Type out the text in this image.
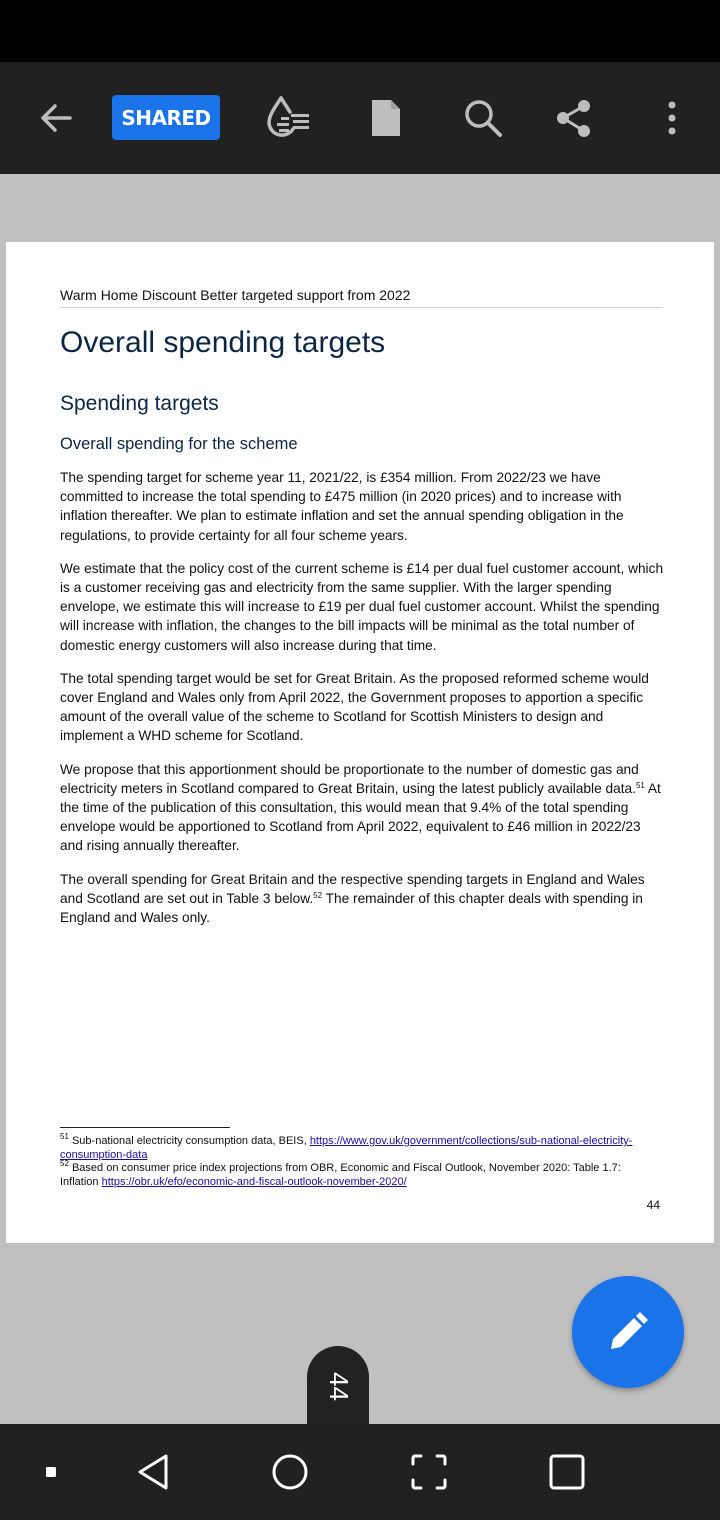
SHARED
Warm Home Discount Better targeted support from 2022
Overall spending targets
Spending targets
Overall spending for the scheme

The spending target for scheme year 11, 2021/22, is £354 million. From 2022/23 we have committed to increase the total spending to £475 million (in 2020 prices) and to increase with inflation thereafter. We plan to estimate inflation and set the annual spending obligation in the regulations, to provide certainty for all four scheme years.

We estimate that the policy cost of the current scheme is £14 per dual fuel customer account, which is a customer receiving gas and electricity from the same supplier. With the larger spending envelope, we estimate this will increase to £19 per dual fuel customer account. Whilst the spending will increase with inflation, the changes to the bill impacts will be minimal as the total number of domestic energy customers will also increase during that time.

The total spending target would be set for Great Britain. As the proposed reformed scheme would cover England and Wales only from April 2022, the Government proposes to apportion a specific amount of the overall value of the scheme to Scotland for Scottish Ministers to design and implement a WHD scheme for Scotland.

We propose that this apportionment should be proportionate to the number of domestic gas and electricity meters in Scotland compared to Great Britain, using the latest publicly available data.$^{51}$ At the time of the publication of this consultation, this would mean that 9.4% of the total spending envelope would be apportioned to Scotland from April 2022, equivalent to £46 million in 2022/23 and rising annually thereafter.

The overall spending for Great Britain and the respective spending targets in England and Wales and Scotland are set out in Table 3 below.$^{52}$ The remainder of this chapter deals with spending in England and Wales only.

$^{51}$ Sub-national electricity consumption data, BEIS, https://www.gov.uk/government/collections/sub-national-electricity-consumption-data
$^{52}$ Based on consumer price index projections from OBR, Economic and Fiscal Outlook, November 2020: Table 1.7: Inflation https://obr.uk/efo/economic-and-fiscal-outlook-november-2020/
44
44
